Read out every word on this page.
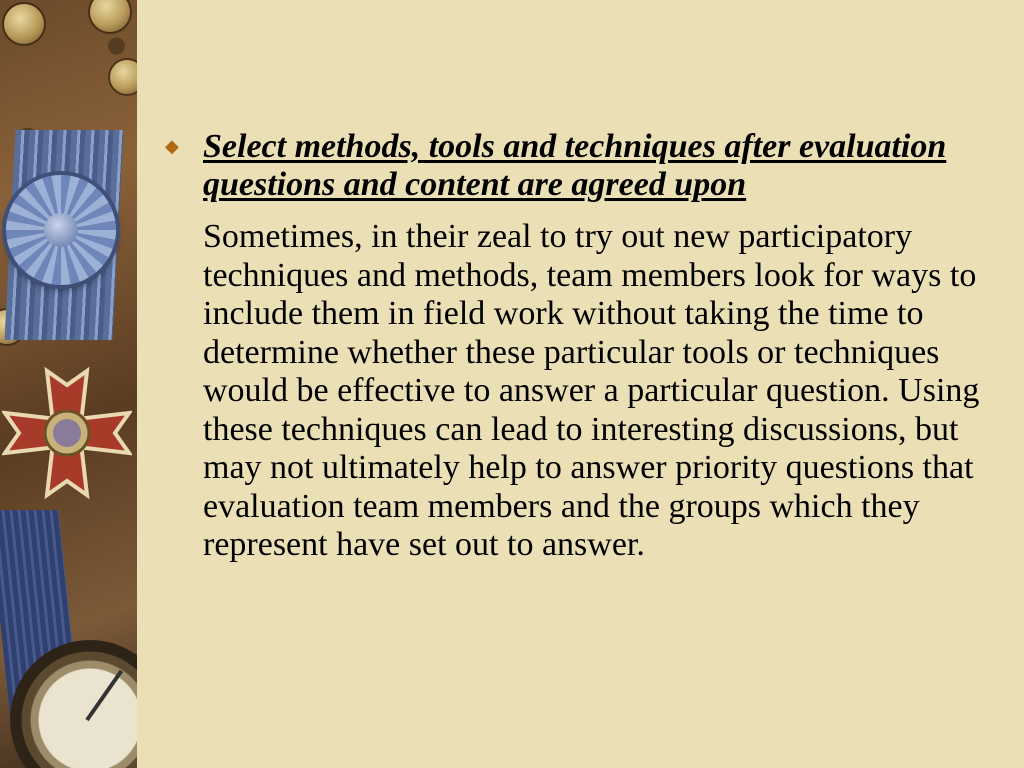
◆ Select methods, tools and techniques after evaluation questions and content are agreed upon

Sometimes, in their zeal to try out new participatory techniques and methods, team members look for ways to include them in field work without taking the time to determine whether these particular tools or techniques would be effective to answer a particular question. Using these techniques can lead to interesting discussions, but may not ultimately help to answer priority questions that evaluation team members and the groups which they represent have set out to answer.
